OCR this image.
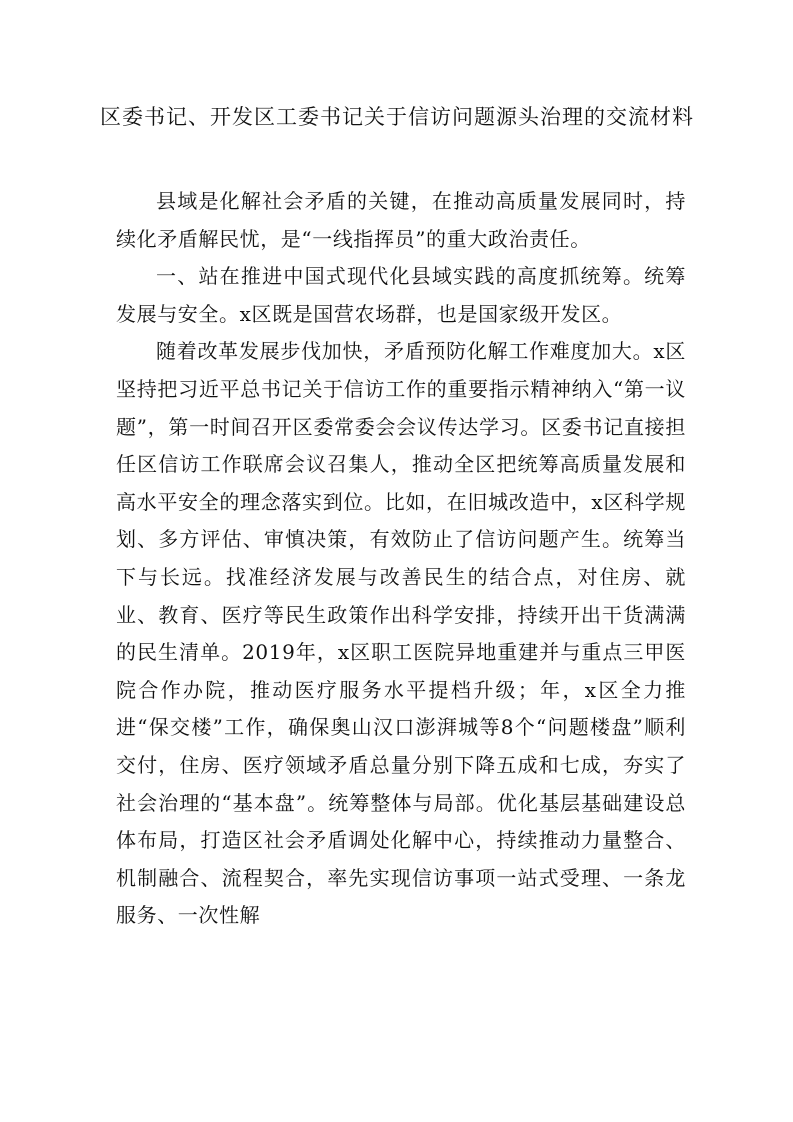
区委书记、开发区工委书记关于信访问题源头治理的交流材料

县域是化解社会矛盾的关键，在推动高质量发展同时，持续化矛盾解民忧，是“一线指挥员”的重大政治责任。

一、站在推进中国式现代化县域实践的高度抓统筹。统筹发展与安全。x区既是国营农场群，也是国家级开发区。

随着改革发展步伐加快，矛盾预防化解工作难度加大。x区坚持把习近平总书记关于信访工作的重要指示精神纳入“第一议题”，第一时间召开区委常委会会议传达学习。区委书记直接担任区信访工作联席会议召集人，推动全区把统筹高质量发展和高水平安全的理念落实到位。比如，在旧城改造中，x区科学规划、多方评估、审慎决策，有效防止了信访问题产生。统筹当下与长远。找准经济发展与改善民生的结合点，对住房、就业、教育、医疗等民生政策作出科学安排，持续开出干货满满的民生清单。2019年，x区职工医院异地重建并与重点三甲医院合作办院，推动医疗服务水平提档升级；年，x区全力推进“保交楼”工作，确保奥山汉口澎湃城等8个“问题楼盘”顺利交付，住房、医疗领域矛盾总量分别下降五成和七成，夯实了社会治理的“基本盘”。统筹整体与局部。优化基层基础建设总体布局，打造区社会矛盾调处化解中心，持续推动力量整合、机制融合、流程契合，率先实现信访事项一站式受理、一条龙服务、一次性解
